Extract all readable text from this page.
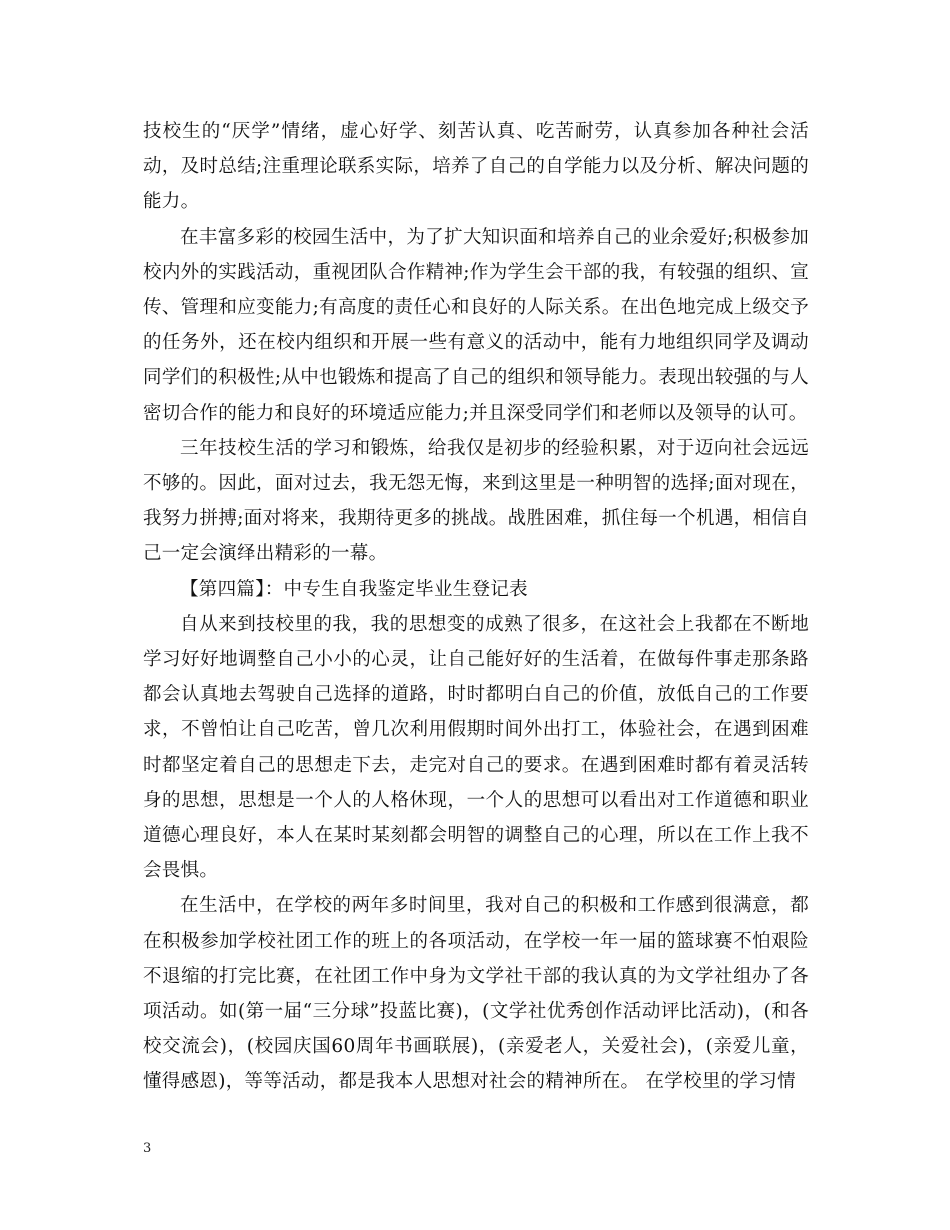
技校生的“厌学”情绪，虚心好学、刻苦认真、吃苦耐劳，认真参加各种社会活动，及时总结;注重理论联系实际，培养了自己的自学能力以及分析、解决问题的能力。

在丰富多彩的校园生活中，为了扩大知识面和培养自己的业余爱好;积极参加校内外的实践活动，重视团队合作精神;作为学生会干部的我，有较强的组织、宣传、管理和应变能力;有高度的责任心和良好的人际关系。在出色地完成上级交予的任务外，还在校内组织和开展一些有意义的活动中，能有力地组织同学及调动同学们的积极性;从中也锻炼和提高了自己的组织和领导能力。表现出较强的与人密切合作的能力和良好的环境适应能力;并且深受同学们和老师以及领导的认可。

三年技校生活的学习和锻炼，给我仅是初步的经验积累，对于迈向社会远远不够的。因此，面对过去，我无怨无悔，来到这里是一种明智的选择;面对现在，我努力拼搏;面对将来，我期待更多的挑战。战胜困难，抓住每一个机遇，相信自己一定会演绎出精彩的一幕。

【第四篇】：中专生自我鉴定毕业生登记表

自从来到技校里的我，我的思想变的成熟了很多，在这社会上我都在不断地学习好好地调整自己小小的心灵，让自己能好好的生活着，在做每件事走那条路都会认真地去驾驶自己选择的道路，时时都明白自己的价值，放低自己的工作要求，不曾怕让自己吃苦，曾几次利用假期时间外出打工，体验社会，在遇到困难时都坚定着自己的思想走下去，走完对自己的要求。在遇到困难时都有着灵活转身的思想，思想是一个人的人格休现，一个人的思想可以看出对工作道德和职业道德心理良好，本人在某时某刻都会明智的调整自己的心理，所以在工作上我不会畏惧。

在生活中，在学校的两年多时间里，我对自己的积极和工作感到很满意，都在积极参加学校社团工作的班上的各项活动，在学校一年一届的篮球赛不怕艰险不退缩的打完比赛，在社团工作中身为文学社干部的我认真的为文学社组办了各项活动。如(第一届“三分球”投蓝比赛)，(文学社优秀创作活动评比活动)，(和各校交流会)，(校园庆国60周年书画联展)，(亲爱老人，关爱社会)，(亲爱儿童，懂得感恩)，等等活动，都是我本人思想对社会的精神所在。 在学校里的学习情

3
